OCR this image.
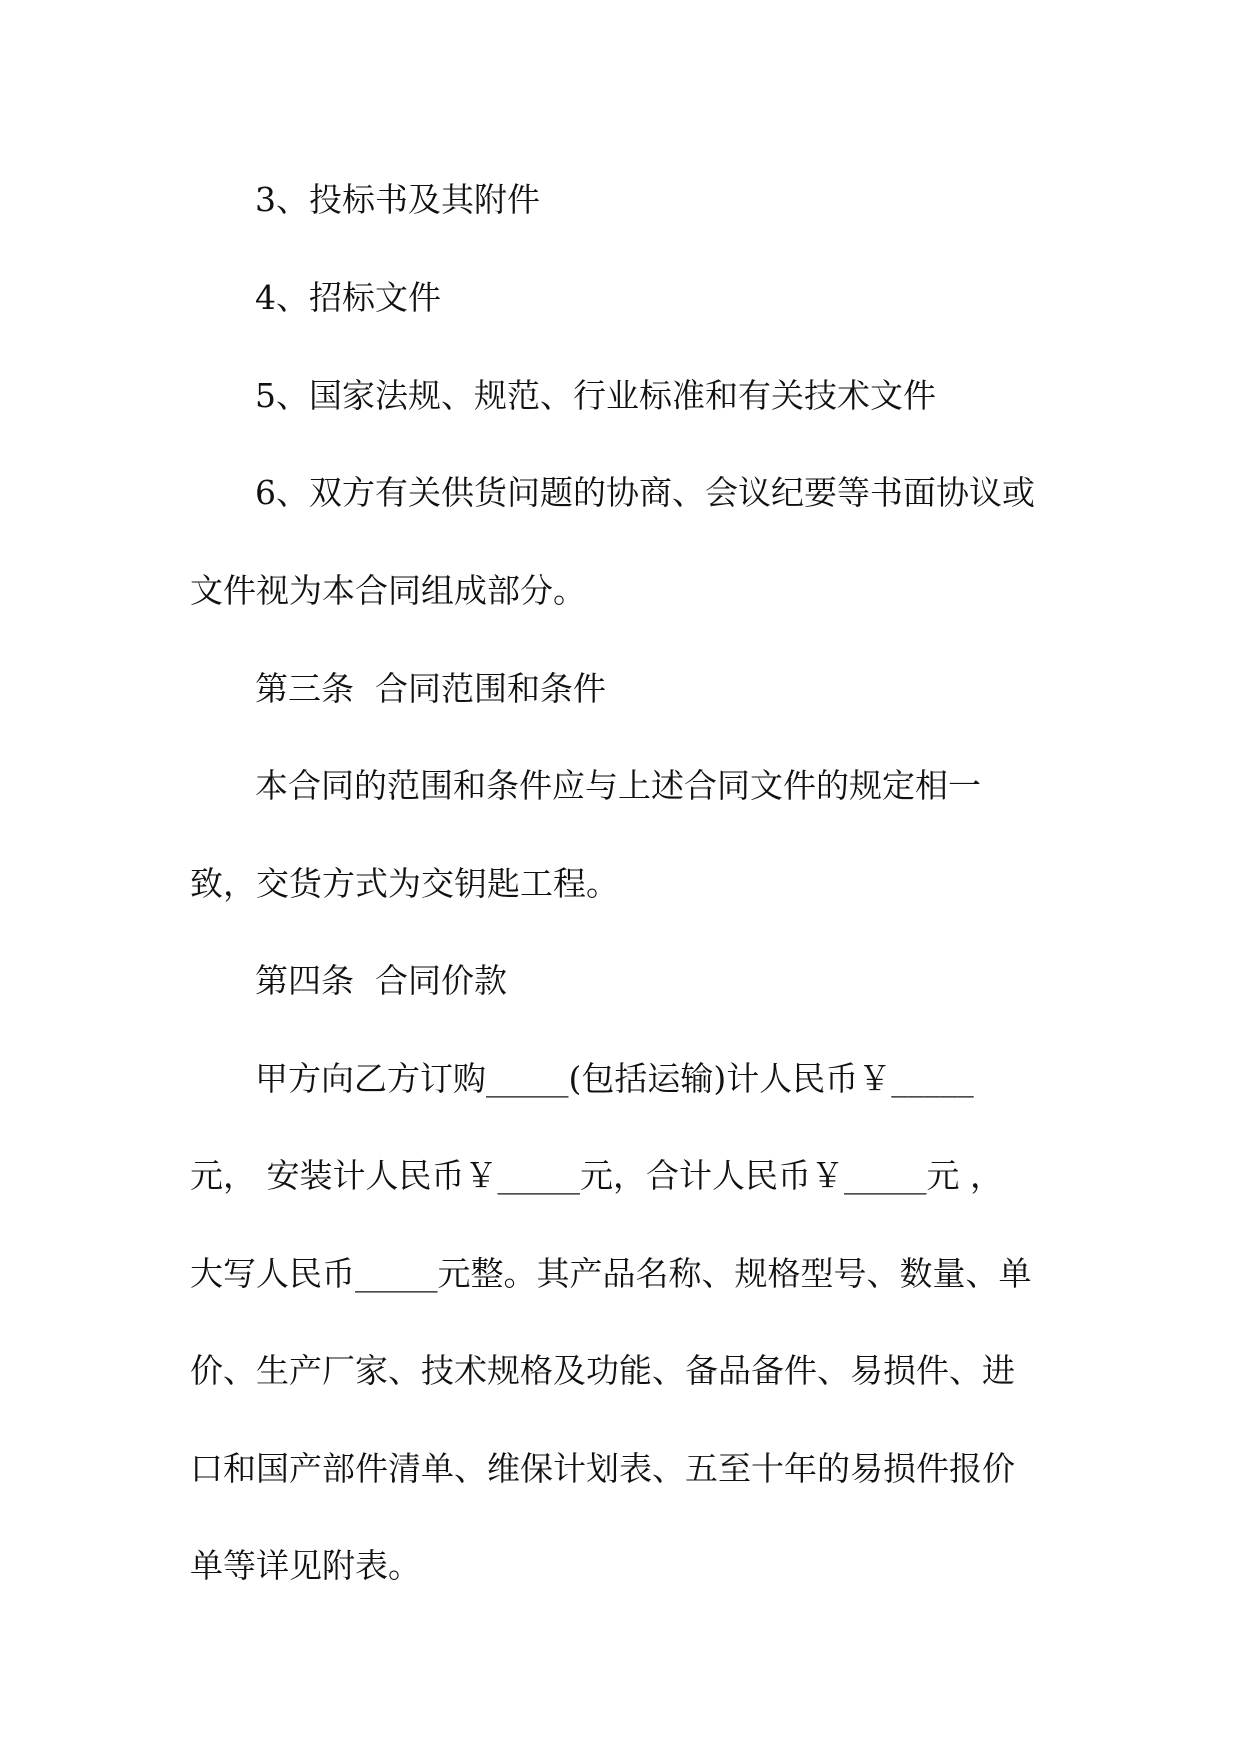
3、投标书及其附件
4、招标文件
5、国家法规、规范、行业标准和有关技术文件
6、双方有关供货问题的协商、会议纪要等书面协议或
文件视为本合同组成部分。
第三条  合同范围和条件
本合同的范围和条件应与上述合同文件的规定相一
致，交货方式为交钥匙工程。
第四条  合同价款
甲方向乙方订购_____(包括运输)计人民币￥_____
元， 安装计人民币￥_____元，合计人民币￥_____元 ，
大写人民币_____元整。其产品名称、规格型号、数量、单
价、生产厂家、技术规格及功能、备品备件、易损件、进
口和国产部件清单、维保计划表、五至十年的易损件报价
单等详见附表。
